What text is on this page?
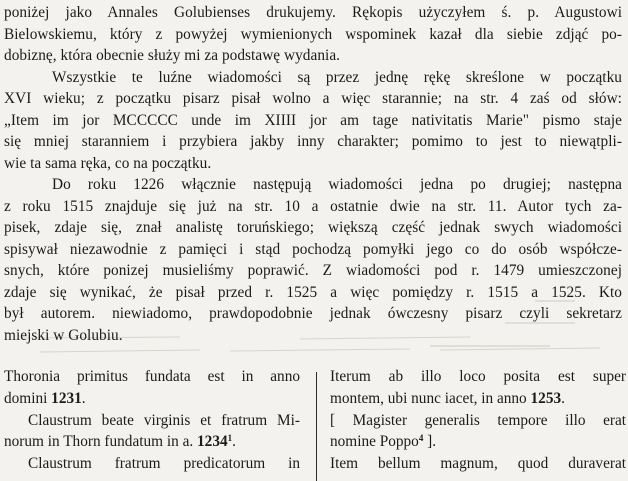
poniżej jako Annales Golubienses drukujemy. Rękopis użyczyłem ś. p. Augustowi
Bielowskiemu, który z powyżej wymienionych wspominek kazał dla siebie zdjąć po-
dobiznę, która obecnie służy mi za podstawę wydania.
Wszystkie te luźne wiadomości są przez jednę rękę skreślone w początku
XVI wieku; z początku pisarz pisał wolno a więc starannie; na str. 4 zaś od słów:
„Item im jor MCCCCC unde im XIIII jor am tage nativitatis Marie" pismo staje
się mniej staranniem i przybiera jakby inny charakter; pomimo to jest to niewątpli-
wie ta sama ręka, co na początku.
Do roku 1226 włącznie następują wiadomości jedna po drugiej; następna
z roku 1515 znajduje się już na str. 10 a ostatnie dwie na str. 11. Autor tych za-
pisek, zdaje się, znał analistę toruńskiego; większą część jednak swych wiadomości
spisywał niezawodnie z pamięci i stąd pochodzą pomyłki jego co do osób współcze-
snych, które ponizej musieliśmy poprawić. Z wiadomości pod r. 1479 umieszczonej
zdaje się wynikać, że pisał przed r. 1525 a więc pomiędzy r. 1515 a 1525. Kto
był autorem. niewiadomo, prawdopodobnie jednak ówczesny pisarz czyli sekretarz
miejski w Golubiu.
Thoronia primitus fundata est in anno
domini 1231.
Claustrum beate virginis et fratrum Mi-
norum in Thorn fundatum in a. 1234$^1$.
Claustrum fratrum predicatorum in
Iterum ab illo loco posita est super
montem, ubi nunc iacet, in anno 1253.
[ Magister generalis tempore illo erat
nomine Poppo$^4$ ].
Item bellum magnum, quod duraverat
